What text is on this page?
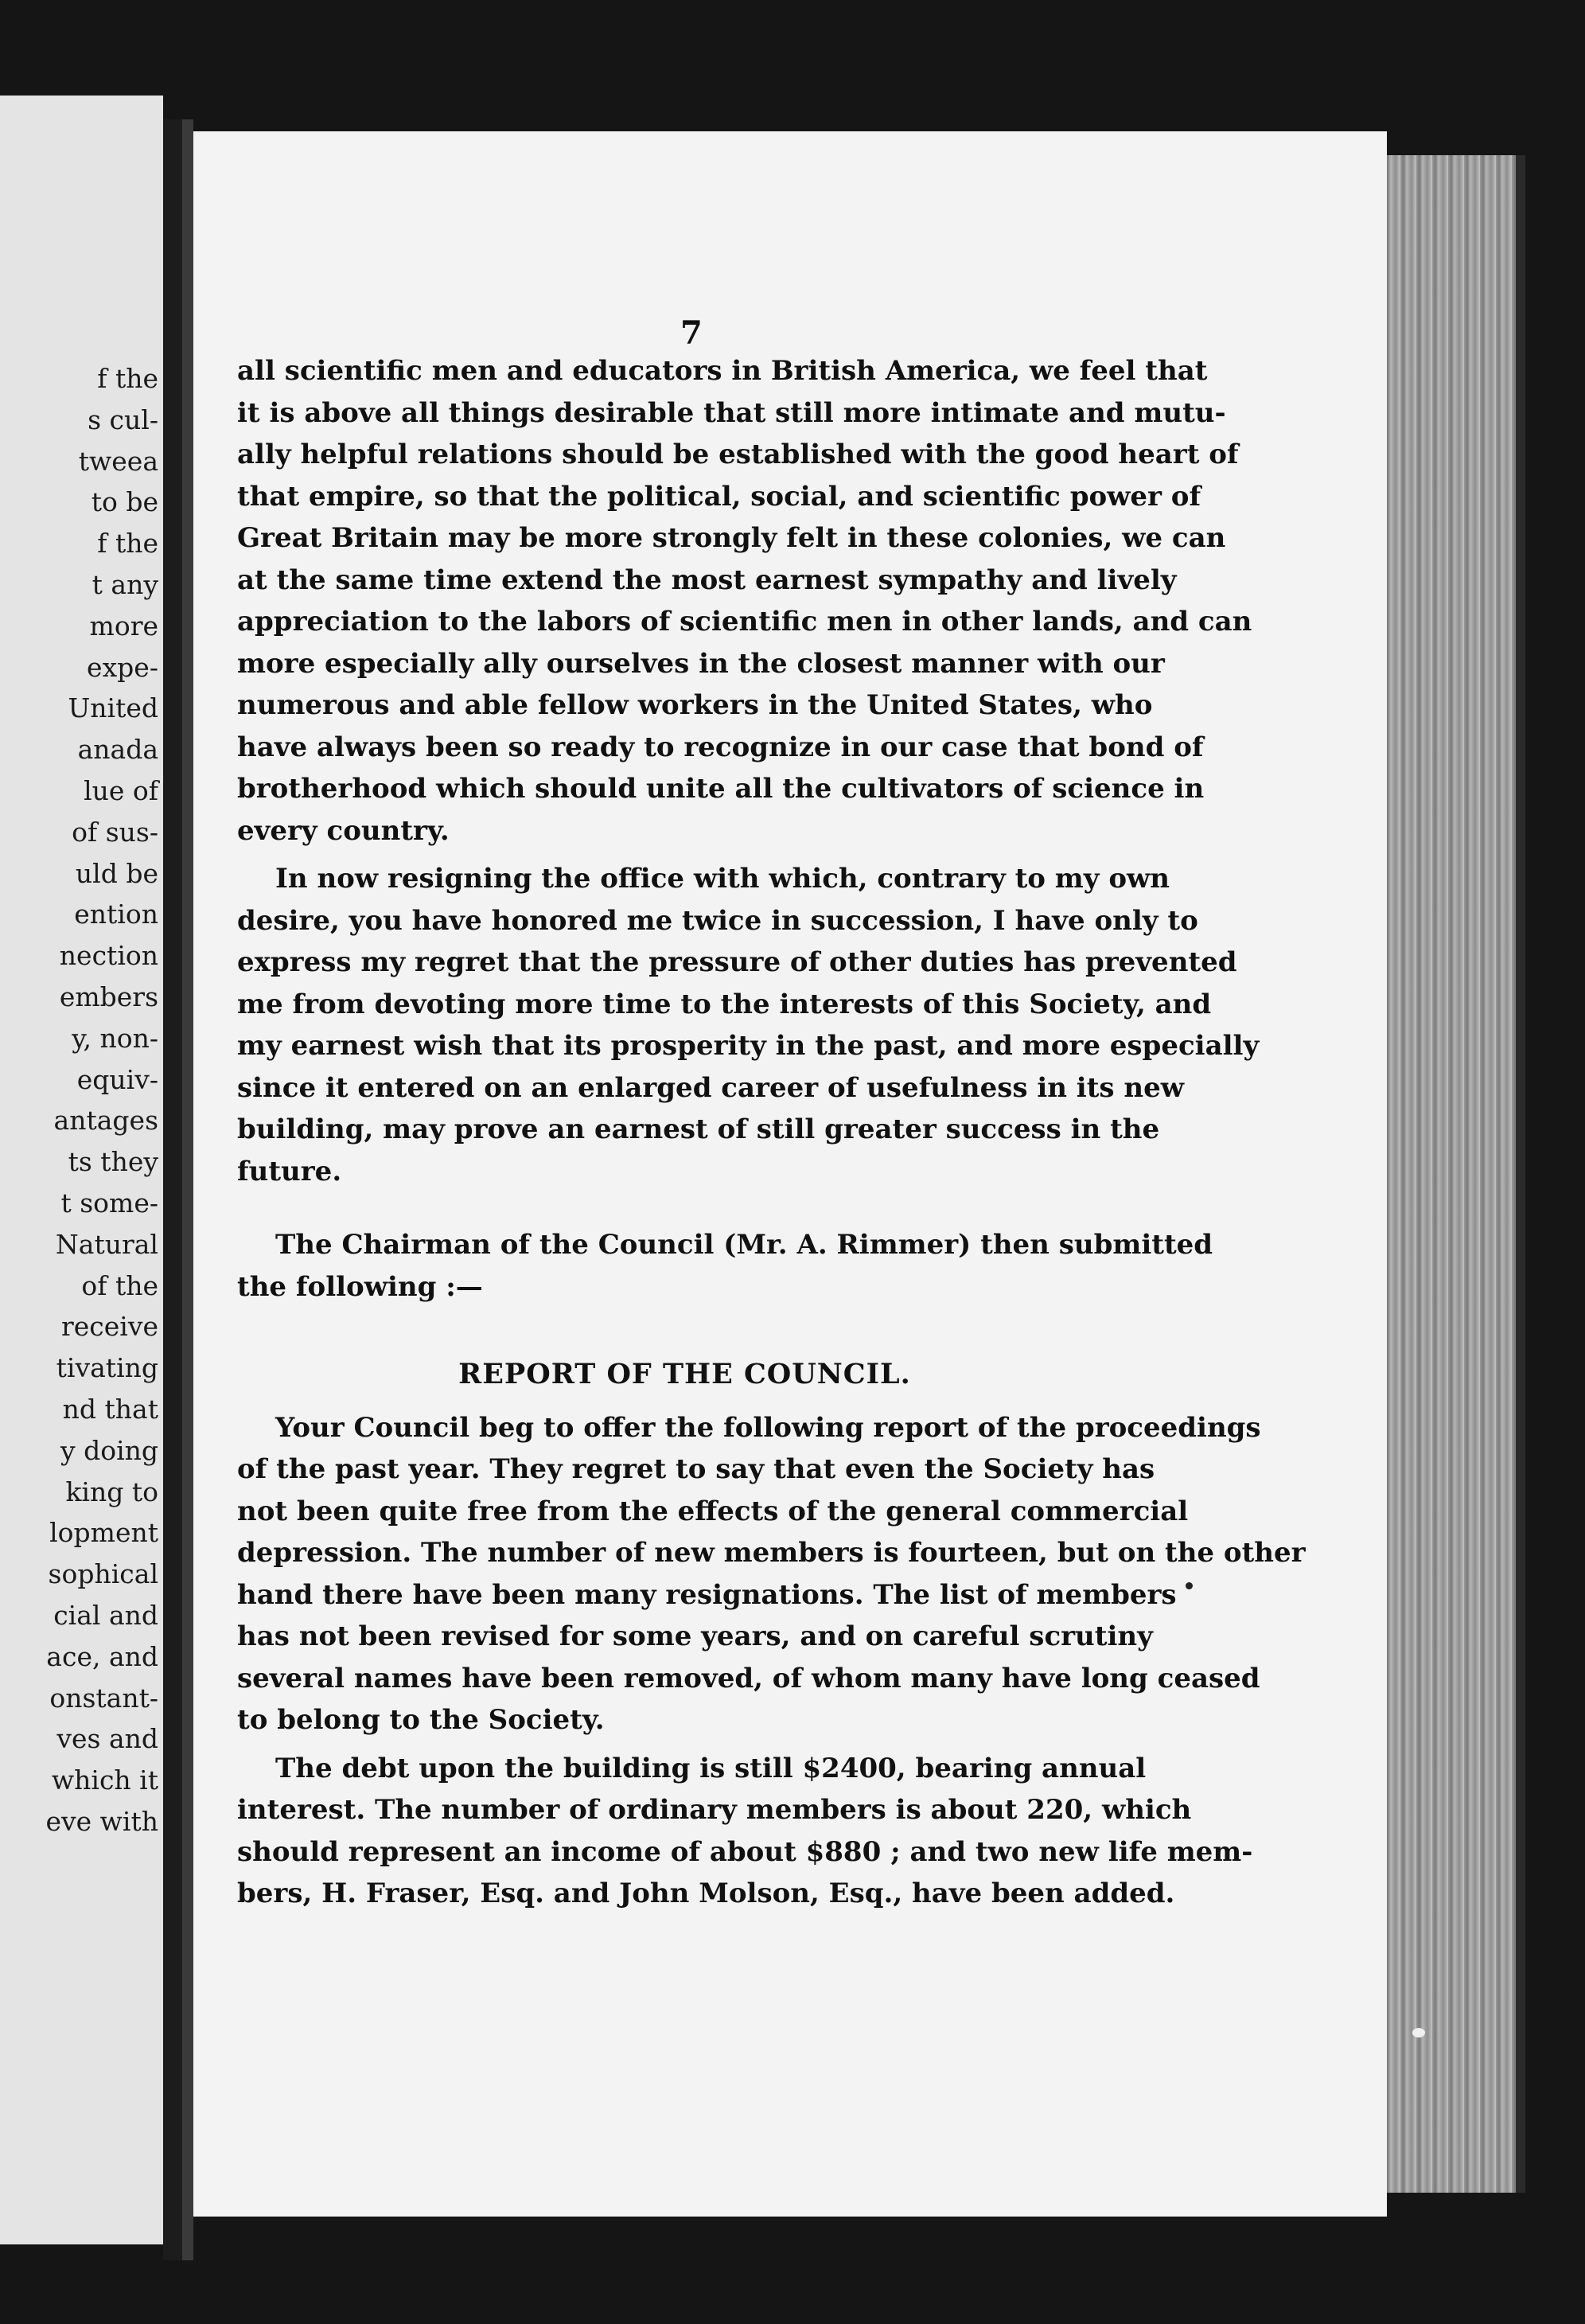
f the
s cul-
tweea
to be
f the
t any
more
expe-
United
anada
lue of
of sus-
uld be
ention
nection
embers
y, non-
equiv-
antages
ts they
t some-
Natural
of the
receive
tivating
nd that
y doing
king to
lopment
sophical
cial and
ace, and
onstant-
ves and
which it
eve with
7
all scientific men and educators in British America, we feel that
it is above all things desirable that still more intimate and mutu-
ally helpful relations should be established with the good heart of
that empire, so that the political, social, and scientific power of
Great Britain may be more strongly felt in these colonies, we can
at the same time extend the most earnest sympathy and lively
appreciation to the labors of scientific men in other lands, and can
more especially ally ourselves in the closest manner with our
numerous and able fellow workers in the United States, who
have always been so ready to recognize in our case that bond of
brotherhood which should unite all the cultivators of science in
every country.
In now resigning the office with which, contrary to my own
desire, you have honored me twice in succession, I have only to
express my regret that the pressure of other duties has prevented
me from devoting more time to the interests of this Society, and
my earnest wish that its prosperity in the past, and more especially
since it entered on an enlarged career of usefulness in its new
building, may prove an earnest of still greater success in the
future.
The Chairman of the Council (Mr. A. Rimmer) then submitted
the following :—
REPORT OF THE COUNCIL.
Your Council beg to offer the following report of the proceedings
of the past year. They regret to say that even the Society has
not been quite free from the effects of the general commercial
depression. The number of new members is fourteen, but on the other
hand there have been many resignations. The list of members
has not been revised for some years, and on careful scrutiny
several names have been removed, of whom many have long ceased
to belong to the Society.
The debt upon the building is still $2400, bearing annual
interest. The number of ordinary members is about 220, which
should represent an income of about $880 ; and two new life mem-
bers, H. Fraser, Esq. and John Molson, Esq., have been added.
